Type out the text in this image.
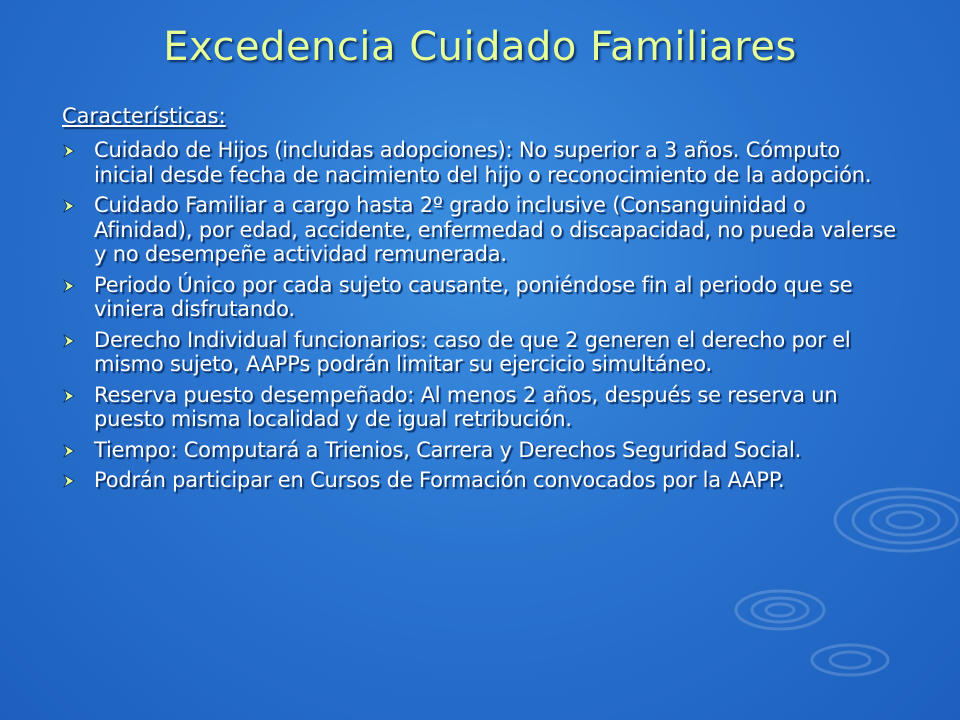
Excedencia Cuidado Familiares
Características:
Cuidado de Hijos (incluidas adopciones): No superior a 3 años. Cómputo inicial desde fecha de nacimiento del hijo o reconocimiento de la adopción.
Cuidado Familiar a cargo hasta 2º grado inclusive (Consanguinidad o Afinidad), por edad, accidente, enfermedad o discapacidad, no pueda valerse y no desempeñe actividad remunerada.
Periodo Único por cada sujeto causante, poniéndose fin al periodo que se viniera disfrutando.
Derecho Individual funcionarios: caso de que 2 generen el derecho por el mismo sujeto, AAPPs podrán limitar su ejercicio simultáneo.
Reserva puesto desempeñado: Al menos 2 años, después se reserva un puesto misma localidad y de igual retribución.
Tiempo: Computará a Trienios, Carrera y Derechos Seguridad Social.
Podrán participar en Cursos de Formación convocados por la AAPP.
